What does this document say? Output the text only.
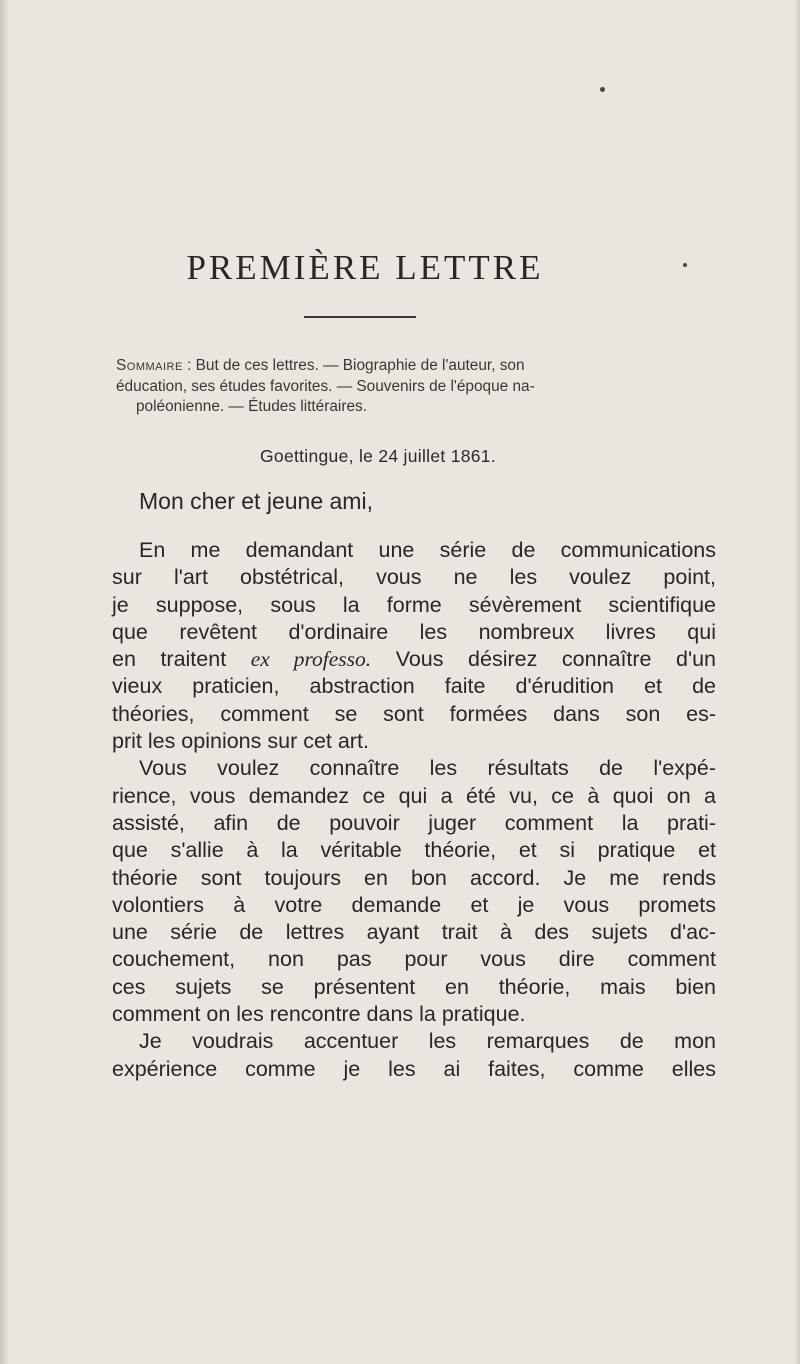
PREMIÈRE LETTRE
Sommaire : But de ces lettres. — Biographie de l'auteur, son
éducation, ses études favorites. — Souvenirs de l'époque na-
poléonienne. — Études littéraires.
Goettingue, le 24 juillet 1861.
Mon cher et jeune ami,
En me demandant une série de communications
sur l'art obstétrical, vous ne les voulez point,
je suppose, sous la forme sévèrement scientifique
que revêtent d'ordinaire les nombreux livres qui
en traitent ex professo. Vous désirez connaître d'un
vieux praticien, abstraction faite d'érudition et de
théories, comment se sont formées dans son es-
prit les opinions sur cet art.
Vous voulez connaître les résultats de l'expé-
rience, vous demandez ce qui a été vu, ce à quoi on a
assisté, afin de pouvoir juger comment la prati-
que s'allie à la véritable théorie, et si pratique et
théorie sont toujours en bon accord. Je me rends
volontiers à votre demande et je vous promets
une série de lettres ayant trait à des sujets d'ac-
couchement, non pas pour vous dire comment
ces sujets se présentent en théorie, mais bien
comment on les rencontre dans la pratique.
Je voudrais accentuer les remarques de mon
expérience comme je les ai faites, comme elles
